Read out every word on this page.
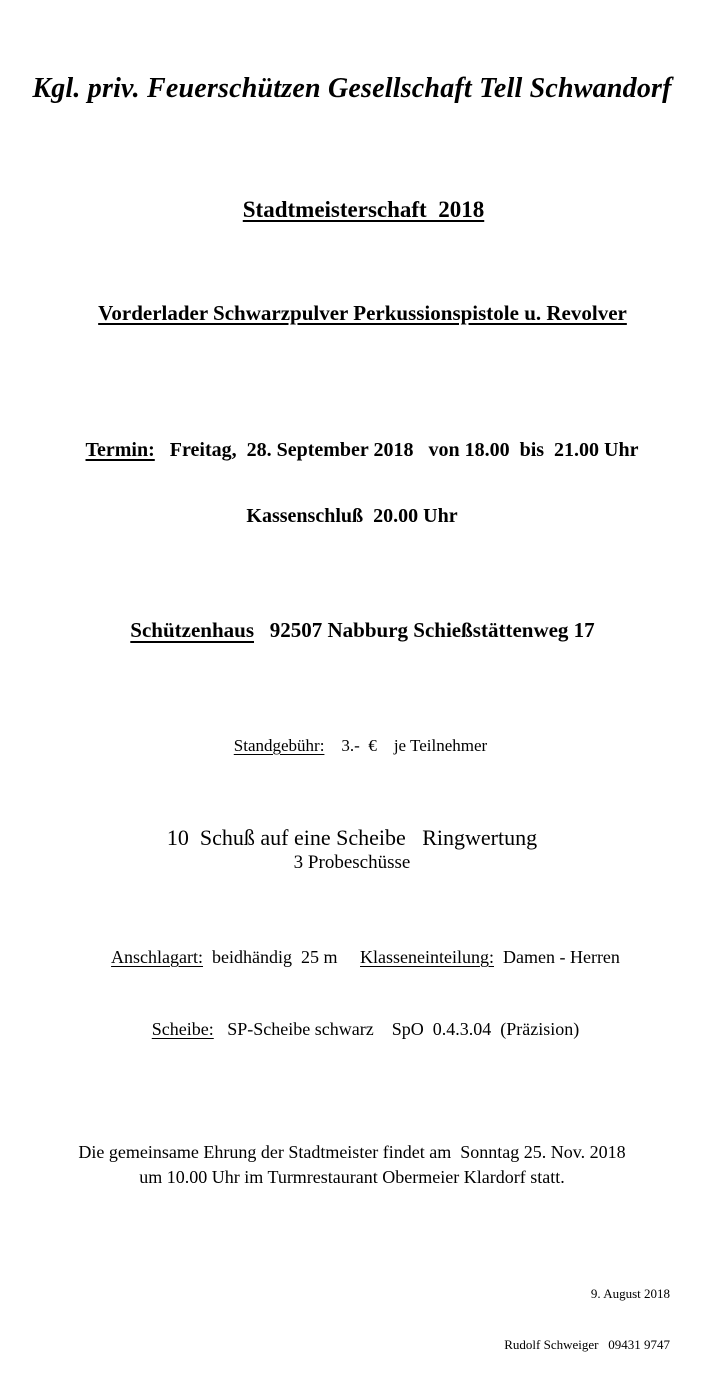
Kgl. priv. Feuerschützen Gesellschaft Tell Schwandorf

Stadtmeisterschaft  2018

Vorderlader Schwarzpulver Perkussionspistole u. Revolver

Termin:   Freitag,  28. September 2018   von 18.00  bis  21.00 Uhr

Kassenschluß  20.00 Uhr

Schützenhaus   92507 Nabburg Schießstättenweg 17

Standgebühr:    3.-  €    je Teilnehmer

10  Schuß auf eine Scheibe   Ringwertung
3 Probeschüsse

Anschlagart:  beidhändig  25 m     Klasseneinteilung:  Damen - Herren

Scheibe:   SP-Scheibe schwarz    SpO  0.4.3.04  (Präzision)

Die gemeinsame Ehrung der Stadtmeister findet am  Sonntag 25. Nov. 2018
um 10.00 Uhr im Turmrestaurant Obermeier Klardorf statt.

9. August 2018

Rudolf Schweiger   09431 9747
